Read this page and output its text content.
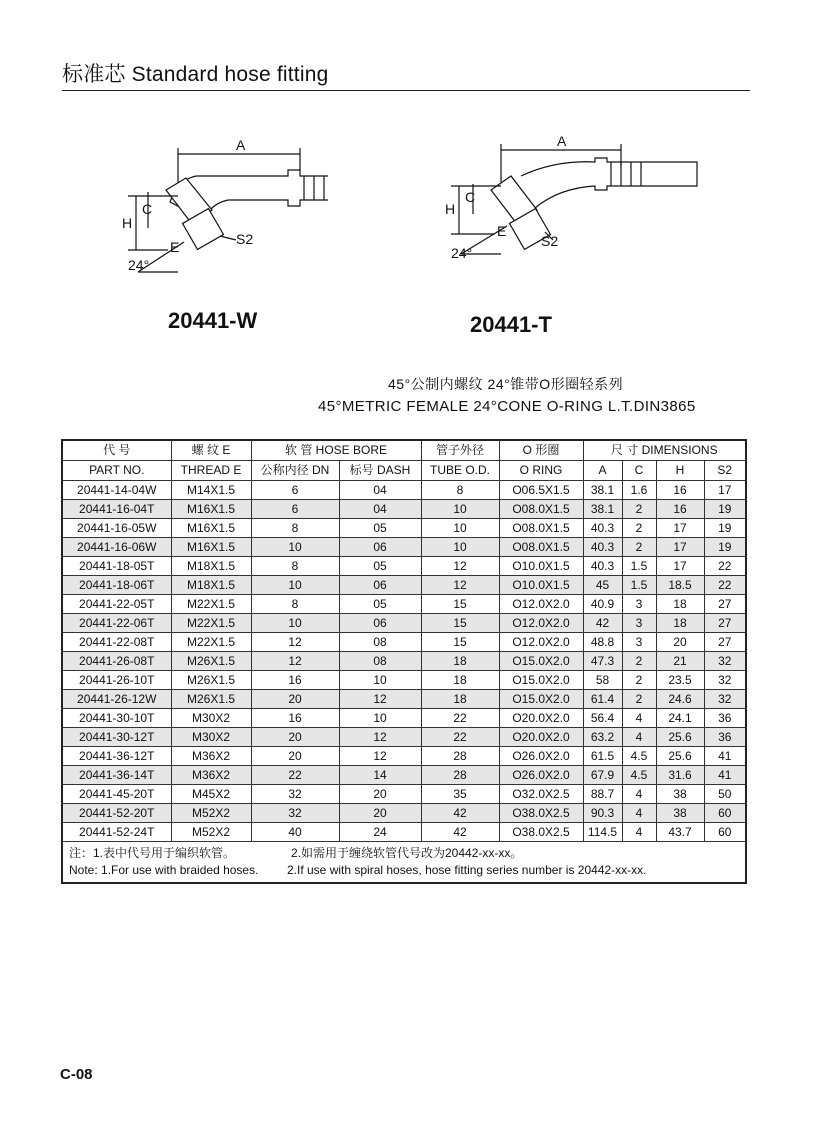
标准芯 Standard hose fitting
A
H
C
E	S2
24°
A
H
C
E
S2
24°
20441-W	20441-T
45°公制内螺纹 24°锥带O形圈轻系列
45°METRIC FEMALE 24°CONE O-RING L.T.DIN3865
代 号	螺 纹 E	软 管 HOSE BORE		管子外径	O 形圈	尺 寸 DIMENSIONS			
PART NO.	THREAD E	公称内径 DN	标号 DASH	TUBE O.D.	O RING	A	C	H	S2
20441-14-04W	M14X1.5	6	04	8	O06.5X1.5	38.1	1.6	16	17
20441-16-04T	M16X1.5	6	04	10	O08.0X1.5	38.1	2	16	19
20441-16-05W	M16X1.5	8	05	10	O08.0X1.5	40.3	2	17	19
20441-16-06W	M16X1.5	10	06	10	O08.0X1.5	40.3	2	17	19
20441-18-05T	M18X1.5	8	05	12	O10.0X1.5	40.3	1.5	17	22
20441-18-06T	M18X1.5	10	06	12	O10.0X1.5	45	1.5	18.5	22
20441-22-05T	M22X1.5	8	05	15	O12.0X2.0	40.9	3	18	27
20441-22-06T	M22X1.5	10	06	15	O12.0X2.0	42	3	18	27
20441-22-08T	M22X1.5	12	08	15	O12.0X2.0	48.8	3	20	27
20441-26-08T	M26X1.5	12	08	18	O15.0X2.0	47.3	2	21	32
20441-26-10T	M26X1.5	16	10	18	O15.0X2.0	58	2	23.5	32
20441-26-12W	M26X1.5	20	12	18	O15.0X2.0	61.4	2	24.6	32
20441-30-10T	M30X2	16	10	22	O20.0X2.0	56.4	4	24.1	36
20441-30-12T	M30X2	20	12	22	O20.0X2.0	63.2	4	25.6	36
20441-36-12T	M36X2	20	12	28	O26.0X2.0	61.5	4.5	25.6	41
20441-36-14T	M36X2	22	14	28	O26.0X2.0	67.9	4.5	31.6	41
20441-45-20T	M45X2	32	20	35	O32.0X2.5	88.7	4	38	50
20441-52-20T	M52X2	32	20	42	O38.0X2.5	90.3	4	38	60
20441-52-24T	M52X2	40	24	42	O38.0X2.5	114.5	4	43.7	60

注：1.表中代号用于编织软管。 2.如需用于缠绕软管代号改为20442-xx-xx。
Note: 1.For use with braided hoses. 2.If use with spiral hoses, hose fitting series number is 20442-xx-xx.									
C-08
